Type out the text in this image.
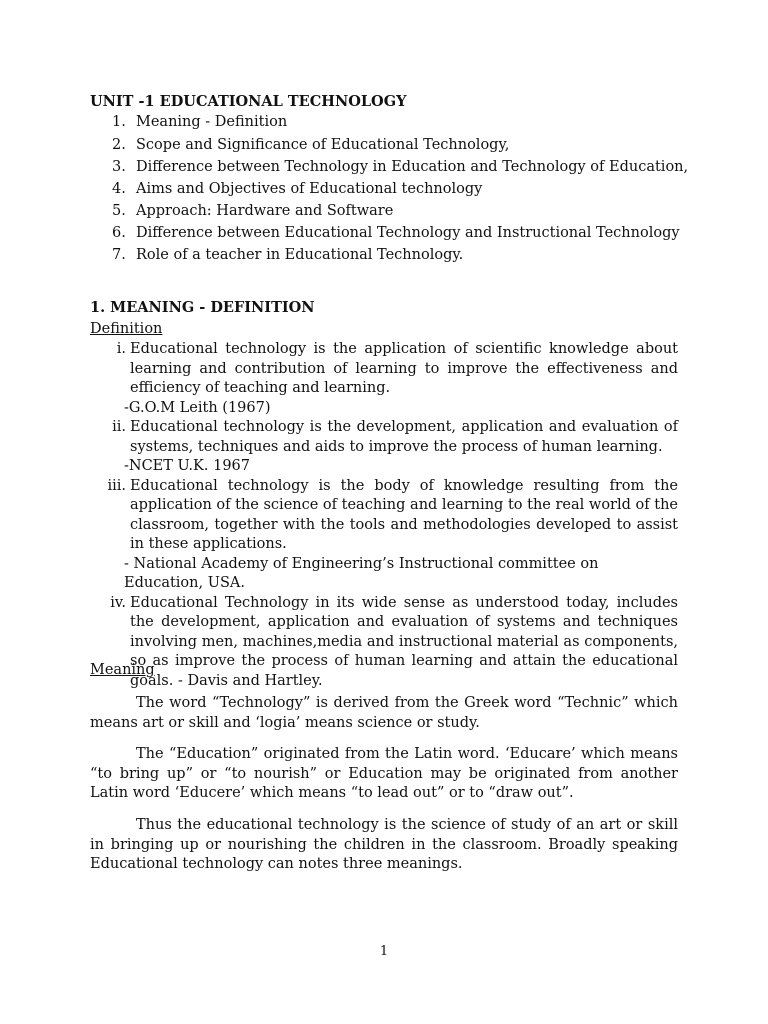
UNIT -1 EDUCATIONAL TECHNOLOGY
1. Meaning - Definition
2. Scope and Significance of Educational Technology,
3. Difference between Technology in Education and Technology of Education,
4. Aims and Objectives of Educational technology
5. Approach: Hardware and Software
6. Difference between Educational Technology and Instructional Technology
7. Role of a teacher in Educational Technology.
1. MEANING - DEFINITION
Definition
i. Educational technology is the application of scientific knowledge about learning and contribution of learning to improve the effectiveness and efficiency of teaching and learning.
-G.O.M Leith (1967)
ii. Educational technology is the development, application and evaluation of systems, techniques and aids to improve the process of human learning.
-NCET U.K. 1967
iii. Educational technology is the body of knowledge resulting from the application of the science of teaching and learning to the real world of the classroom, together with the tools and methodologies developed to assist in these applications.
- National Academy of Engineering’s Instructional committee on Education, USA.
iv. Educational Technology in its wide sense as understood today, includes the development, application and evaluation of systems and techniques involving men, machines,media and instructional material as components, so as improve the process of human learning and attain the educational goals. - Davis and Hartley.
Meaning
The word “Technology” is derived from the Greek word “Technic” which means art or skill and ‘logia’ means science or study.
The “Education” originated from the Latin word. ‘Educare’ which means “to bring up” or “to nourish” or Education may be originated from another Latin word ‘Educere’ which means “to lead out” or to “draw out”.
Thus the educational technology is the science of study of an art or skill in bringing up or nourishing the children in the classroom. Broadly speaking Educational technology can notes three meanings.
1
